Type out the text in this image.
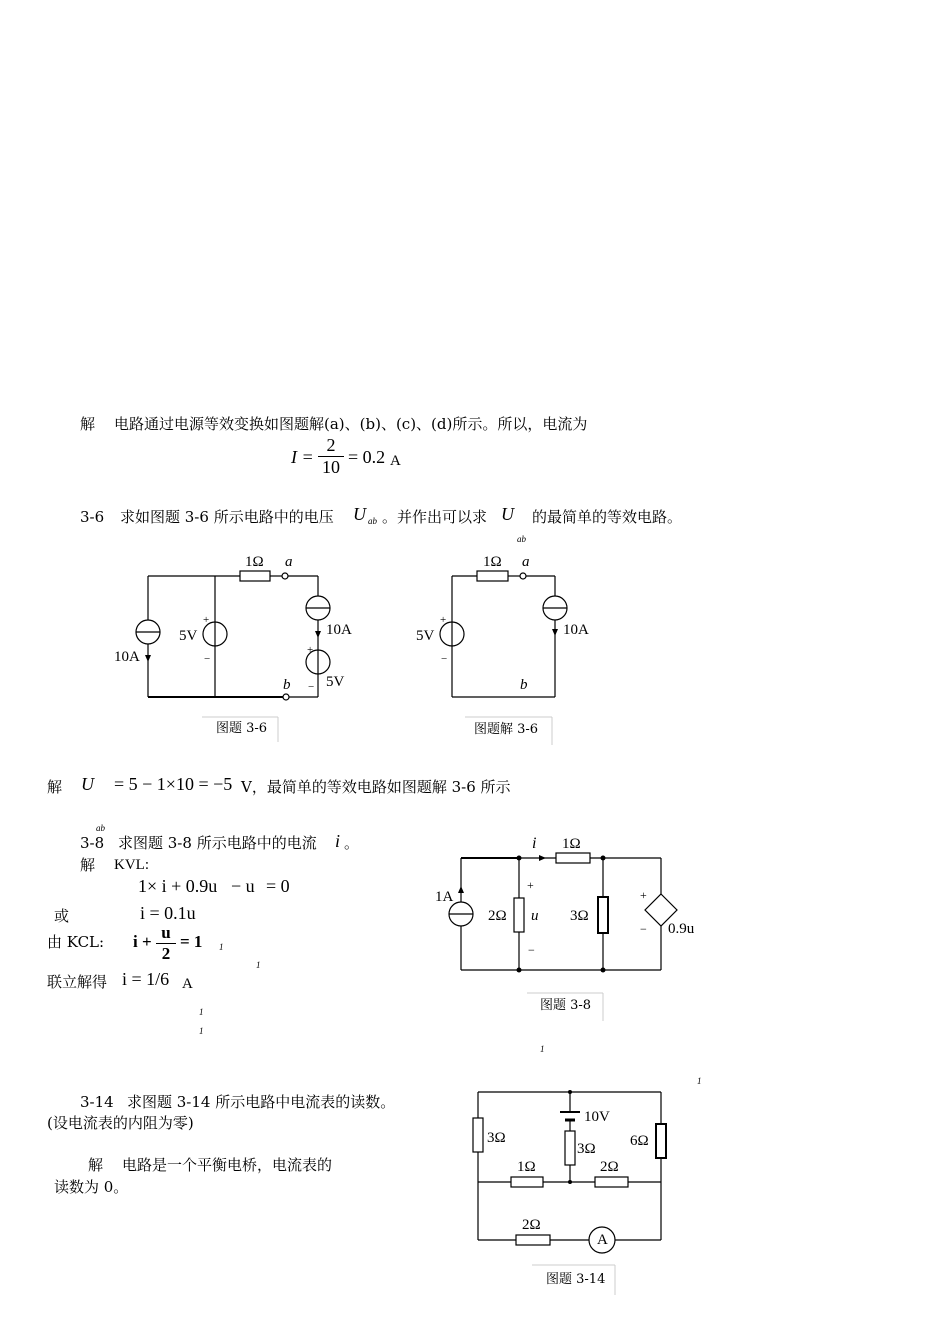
解 电路通过电源等效变换如图题解(a)、(b)、(c)、(d)所示。所以，电流为
$I = \frac{2}{10} = 0.2$ A
3-6 求如图题 3-6 所示电路中的电压 U ab 。并作出可以求 U
ab
的最简单的等效电路。
1Ω a
b
10A
5V
+
−
10A
+
− 5V
图题 3-6
1Ω a
b
5V
+
−
10A
图题解 3-6
解 U
ab
= 5 − 1×10 = −5 V，最简单的等效电路如图题解 3-6 所示
3-8 求图题 3-8 所示电路中的电流 i 。
解 KVL:
1× i + 0.9u
1
− u
1
= 0
或	i = 0.1u
1
由 KCL: $i + \frac{u}{2} = 1$
1
联立解得 i = 1/6 A
i 1Ω
1A
+
2Ω u
1
−
3Ω
+
− 0.9u
1
图题 3-8
3-14 求图题 3-14 所示电路中电流表的读数。
(设电流表的内阻为零)
解 电路是一个平衡电桥，电流表的
读数为 0。
10V
3Ω
3Ω 6Ω
1Ω	2Ω
2Ω
A
图题 3-14
